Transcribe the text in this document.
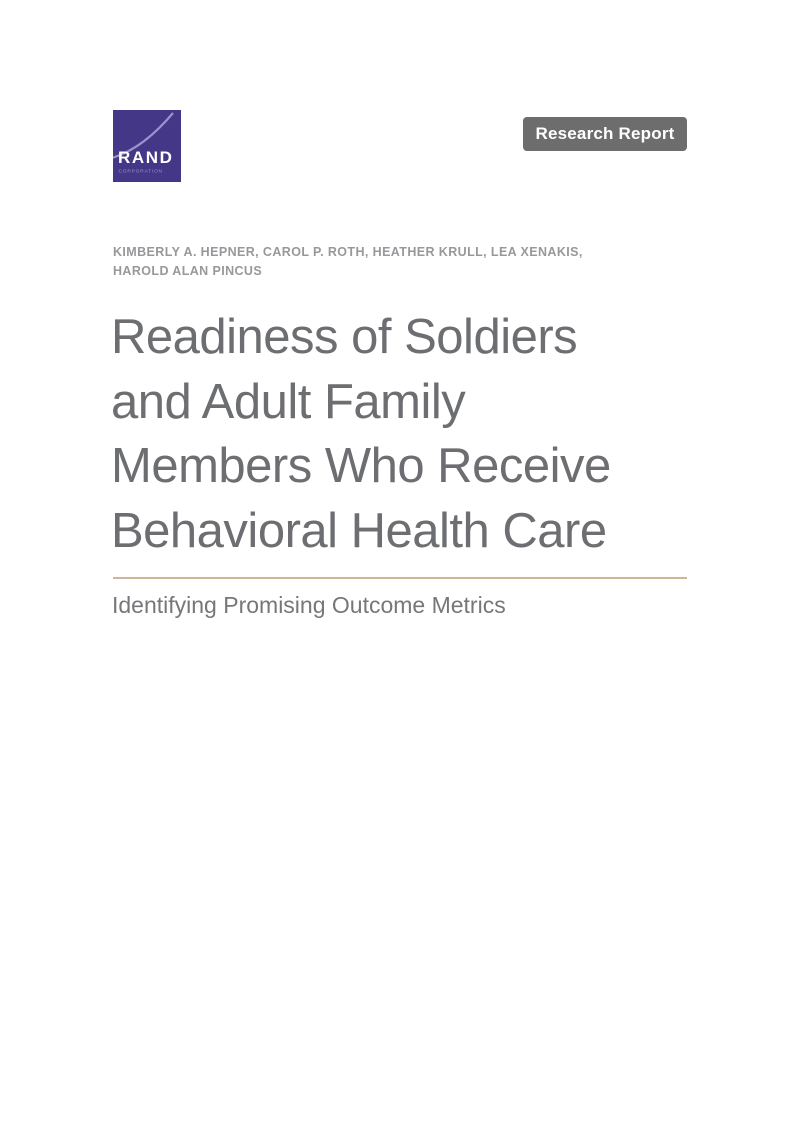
RAND
CORPORATION
Research Report
KIMBERLY A. HEPNER, CAROL P. ROTH, HEATHER KRULL, LEA XENAKIS,
HAROLD ALAN PINCUS
Readiness of Soldiers
and Adult Family
Members Who Receive
Behavioral Health Care
Identifying Promising Outcome Metrics
